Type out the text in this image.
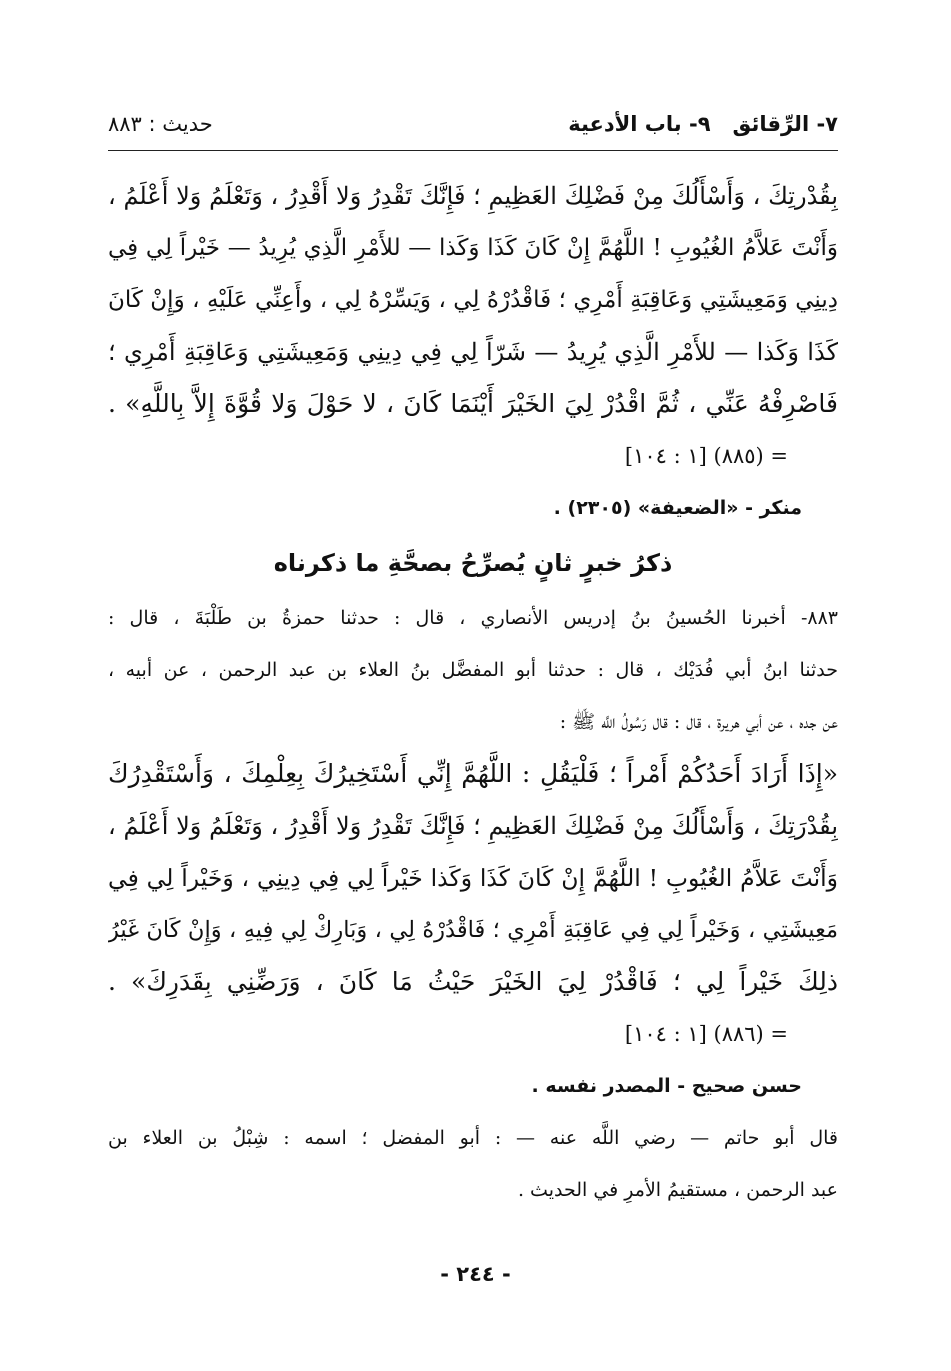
٧- الرِّقائق٩- باب الأدعية
حديث : ٨٨٣
بِقُدْرتِكَ ، وَأَسْأَلُكَ مِنْ فَضْلِكَ العَظِيمِ ؛ فَإِنَّكَ تَقْدِرُ وَلا أَقْدِرُ ، وَتَعْلَمُ وَلا أَعْلَمُ ،
وَأَنْتَ عَلاَّمُ الغُيُوبِ ! اللَّهُمَّ إِنْ كَانَ كَذَا وَكَذا — للأَمْرِ الَّذِي يُرِيدُ — خَيْراً لِي فِي
دِينِي وَمَعِيشَتِي وَعَاقِبَةِ أَمْرِي ؛ فَاقْدُرْهُ لِي ، وَيَسِّرْهُ لِي ، وأَعِنِّي عَلَيْهِ ، وَإِنْ كَانَ
كَذَا وَكَذا — للأَمْرِ الَّذِي يُرِيدُ — شَرّاً لِي فِي دِينِي وَمَعِيشَتِي وَعَاقِبَةِ أَمْرِي ؛
فَاصْرِفْهُ عَنِّي ، ثُمَّ اقْدُرْ لِيَ الخَيْرَ أَيْنَمَا كَانَ ، لا حَوْلَ وَلا قُوَّةَ إِلاَّ بِاللَّهِ» .
= (٨٨٥) [١ : ١٠٤]
منكر - «الضعيفة» (٢٣٠٥) .
ذكرُ خبرٍ ثانٍ يُصرِّحُ بصحَّةِ ما ذكرناه
٨٨٣- أخبرنا الحُسينُ بنُ إدريس الأنصاري ، قال : حدثنا حمزةُ بن طَلْبَةَ ، قال :
حدثنا ابنُ أبي فُدَيْك ، قال : حدثنا أبو المفضَّل بنُ العلاء بن عبد الرحمن ، عن أبيه ،
عن جده ، عن أبي هريرة ، قال : قال رَسُولُ اللَّه ﷺ :
«إِذَا أَرَادَ أَحَدُكُمْ أَمْراً ؛ فَلْيَقُلِ : اللَّهُمَّ إِنِّي أَسْتَخِيرُكَ بِعِلْمِكَ ، وَأَسْتَقْدِرُكَ
بِقُدْرَتِكَ ، وَأَسْأَلُكَ مِنْ فَضْلِكَ العَظِيمِ ؛ فَإِنَّكَ تَقْدِرُ وَلا أَقْدِرُ ، وَتَعْلَمُ وَلا أَعْلَمُ ،
وَأَنْتَ عَلاَّمُ الغُيُوبِ ! اللَّهُمَّ إِنْ كَانَ كَذَا وَكَذا خَيْراً لِي فِي دِينِي ، وَخَيْراً لِي فِي
مَعِيشَتِي ، وَخَيْراً لِي فِي عَاقِبَةِ أَمْرِي ؛ فَاقْدُرْهُ لِي ، وَبَارِكْ لِي فِيهِ ، وَإِنْ كَانَ غَيْرُ
ذلِكَ خَيْراً لِي ؛ فَاقْدُرْ لِيَ الخَيْرَ حَيْثُ مَا كَانَ ، وَرَضِّنِي بِقَدَرِكَ» .
= (٨٨٦) [١ : ١٠٤]
حسن صحيح - المصدر نفسه .
قال أبو حاتم — رضي اللَّه عنه — : أبو المفضل ؛ اسمه : شِبْلُ بن العلاء بن
عبد الرحمن ، مستقيمُ الأمرِ في الحديث .
- ٢٤٤ -
